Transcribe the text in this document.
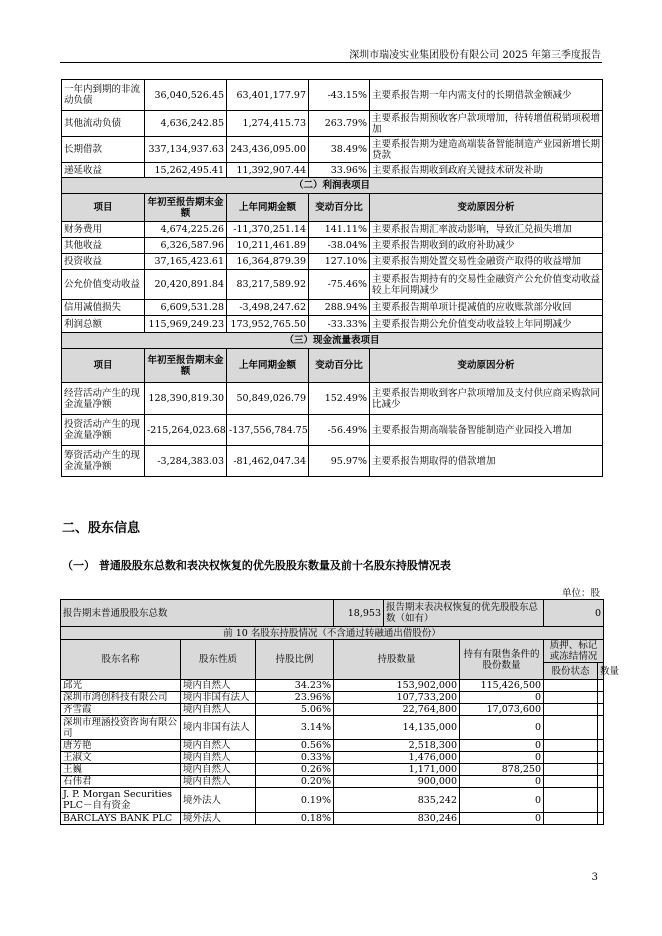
深圳市瑞凌实业集团股份有限公司 2025 年第三季度报告
一年内到期的非流动负债	36,040,526.45	63,401,177.97	-43.15%	主要系报告期一年内需支付的长期借款金额减少
其他流动负债	4,636,242.85	1,274,415.73	263.79%	主要系报告期预收客户款项增加，待转增值税销项税增加
长期借款	337,134,937.63	243,436,095.00	38.49%	主要系报告期为建造高端装备智能制造产业园新增长期贷款
递延收益	15,262,495.41	11,392,907.44	33.96%	主要系报告期收到政府关键技术研发补助
（二）利润表项目				
项目	年初至报告期末金额	上年同期金额	变动百分比	变动原因分析
财务费用	4,674,225.26	-11,370,251.14	141.11%	主要系报告期汇率波动影响，导致汇兑损失增加
其他收益	6,326,587.96	10,211,461.89	-38.04%	主要系报告期收到的政府补助减少
投资收益	37,165,423.61	16,364,879.39	127.10%	主要系报告期处置交易性金融资产取得的收益增加
公允价值变动收益	20,420,891.84	83,217,589.92	-75.46%	主要系报告期持有的交易性金融资产公允价值变动收益较上年同期减少
信用减值损失	6,609,531.28	-3,498,247.62	288.94%	主要系报告期单项计提减值的应收账款部分收回
利润总额	115,969,249.23	173,952,765.50	-33.33%	主要系报告期公允价值变动收益较上年同期减少
（三）现金流量表项目				
项目	年初至报告期末金额	上年同期金额	变动百分比	变动原因分析
经营活动产生的现金流量净额	128,390,819.30	50,849,026.79	152.49%	主要系报告期收到客户款项增加及支付供应商采购款同比减少
投资活动产生的现金流量净额	-215,264,023.68	-137,556,784.75	-56.49%	主要系报告期高端装备智能制造产业园投入增加
筹资活动产生的现金流量净额	-3,284,383.03	-81,462,047.34	95.97%	主要系报告期取得的借款增加
二、股东信息
（一） 普通股股东总数和表决权恢复的优先股股东数量及前十名股东持股情况表
单位：股
报告期末普通股股东总数			18,953	报告期末表决权恢复的优先股股东总数（如有）		0	
前 10 名股东持股情况（不含通过转融通出借股份）							
股东名称	股东性质	持股比例	持股数量		持有有限售条件的股份数量	质押、标记或冻结情况	
						股份状态	数量
邱光	境内自然人	34.23%	153,902,000		115,426,500		
深圳市鸿创科技有限公司	境内非国有法人	23.96%	107,733,200		0		
齐雪霞	境内自然人	5.06%	22,764,800		17,073,600		
深圳市理涵投资咨询有限公司	境内非国有法人	3.14%	14,135,000		0		
唐芳艳	境内自然人	0.56%	2,518,300		0		
王淑文	境内自然人	0.33%	1,476,000		0		
王巍	境内自然人	0.26%	1,171,000		878,250		
石伟君	境内自然人	0.20%	900,000		0		
J. P. Morgan Securities PLC－自有资金	境外法人	0.19%	835,242		0		
BARCLAYS BANK PLC	境外法人	0.18%	830,246		0		
3
